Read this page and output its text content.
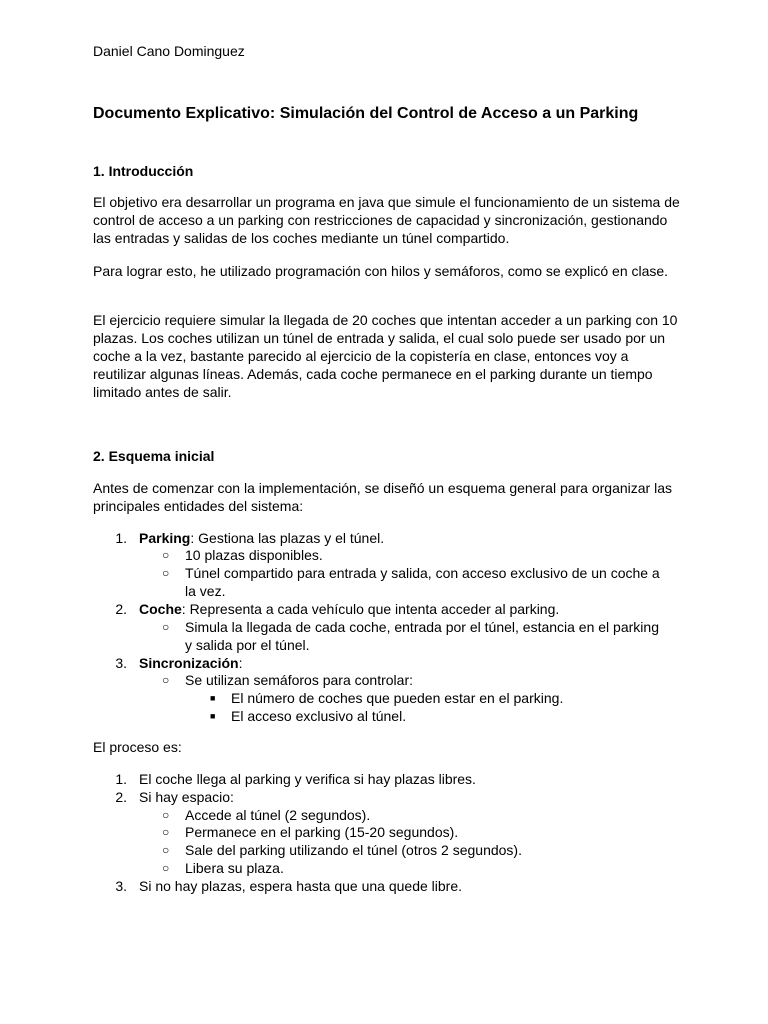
Daniel Cano Dominguez

Documento Explicativo: Simulación del Control de Acceso a un Parking
1. Introducción

El objetivo era desarrollar un programa en java que simule el funcionamiento de un sistema de control de acceso a un parking con restricciones de capacidad y sincronización, gestionando las entradas y salidas de los coches mediante un túnel compartido.

Para lograr esto, he utilizado programación con hilos y semáforos, como se explicó en clase.

El ejercicio requiere simular la llegada de 20 coches que intentan acceder a un parking con 10 plazas. Los coches utilizan un túnel de entrada y salida, el cual solo puede ser usado por un coche a la vez, bastante parecido al ejercicio de la copistería en clase, entonces voy a reutilizar algunas líneas. Además, cada coche permanece en el parking durante un tiempo limitado antes de salir.

2. Esquema inicial

Antes de comenzar con la implementación, se diseñó un esquema general para organizar las principales entidades del sistema:

1. Parking: Gestiona las plazas y el túnel.
○ 10 plazas disponibles.
○ Túnel compartido para entrada y salida, con acceso exclusivo de un coche a
la vez.
2. Coche: Representa a cada vehículo que intenta acceder al parking.
○ Simula la llegada de cada coche, entrada por el túnel, estancia en el parking
y salida por el túnel.
3. Sincronización:
○ Se utilizan semáforos para controlar:
■ El número de coches que pueden estar en el parking.
■ El acceso exclusivo al túnel.

El proceso es:

1. El coche llega al parking y verifica si hay plazas libres.
2. Si hay espacio:
○ Accede al túnel (2 segundos).
○ Permanece en el parking (15-20 segundos).
○ Sale del parking utilizando el túnel (otros 2 segundos).
○ Libera su plaza.
3. Si no hay plazas, espera hasta que una quede libre.
